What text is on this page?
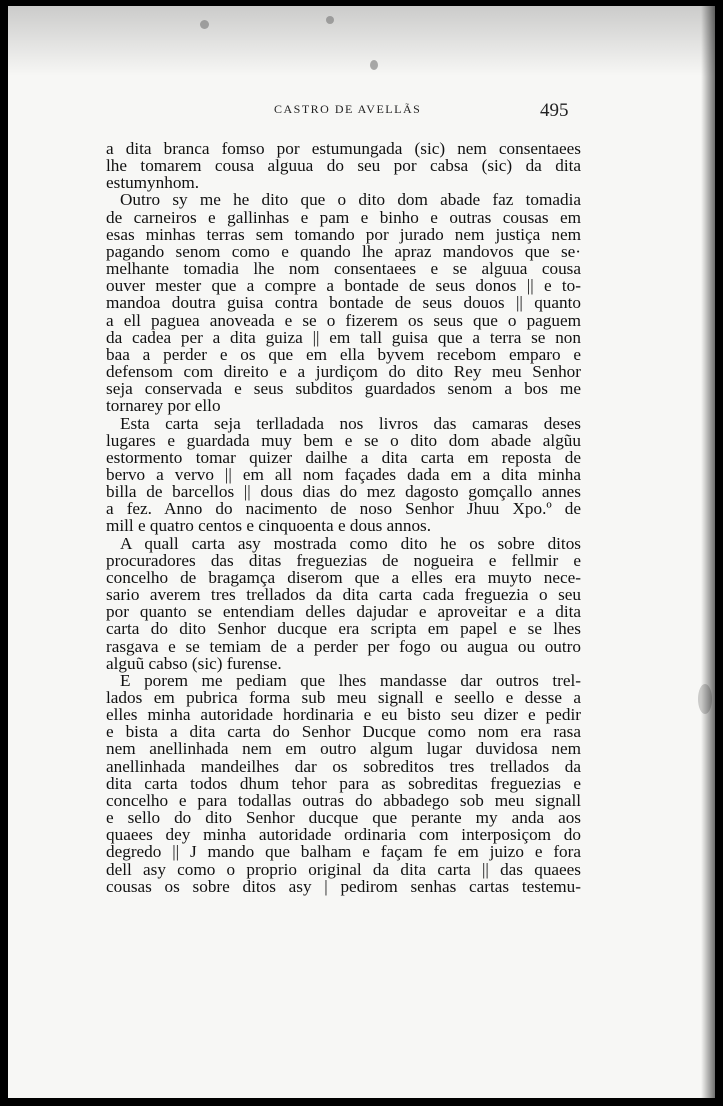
CASTRO DE AVELLÃS	495

a dita branca fomso por estumungada (sic) nem consentaees

lhe tomarem cousa alguua do seu por cabsa (sic) da dita

estumynhom.

Outro sy me he dito que o dito dom abade faz tomadia

de carneiros e gallinhas e pam e binho e outras cousas em

esas minhas terras sem tomando por jurado nem justiça nem

pagando senom como e quando lhe apraz mandovos que se·

melhante tomadia lhe nom consentaees e se alguua cousa

ouver mester que a compre a bontade de seus donos || e to-

mandoa doutra guisa contra bontade de seus douos || quanto

a ell paguea anoveada e se o fizerem os seus que o paguem

da cadea per a dita guiza || em tall guisa que a terra se non

baa a perder e os que em ella byvem recebom emparo e

defensom com direito e a jurdiçom do dito Rey meu Senhor

seja conservada e seus subditos guardados senom a bos me

tornarey por ello

Esta carta seja terlladada nos livros das camaras deses

lugares e guardada muy bem e se o dito dom abade algũu

estormento tomar quizer dailhe a dita carta em reposta de

bervo a vervo || em all nom façades dada em a dita minha

billa de barcellos || dous dias do mez dagosto gomçallo annes

a fez. Anno do nacimento de noso Senhor Jhuu Xpo.º de

mill e quatro centos e cinquoenta e dous annos.

A quall carta asy mostrada como dito he os sobre ditos

procuradores das ditas freguezias de nogueira e fellmir e

concelho de bragamça diserom que a elles era muyto nece-

sario averem tres trellados da dita carta cada freguezia o seu

por quanto se entendiam delles dajudar e aproveitar e a dita

carta do dito Senhor ducque era scripta em papel e se lhes

rasgava e se temiam de a perder per fogo ou augua ou outro

alguũ cabso (sic) furense.

E porem me pediam que lhes mandasse dar outros trel-

lados em pubrica forma sub meu signall e seello e desse a

elles minha autoridade hordinaria e eu bisto seu dizer e pedir

e bista a dita carta do Senhor Ducque como nom era rasa

nem anellinhada nem em outro algum lugar duvidosa nem

anellinhada mandeilhes dar os sobreditos tres trellados da

dita carta todos dhum tehor para as sobreditas freguezias e

concelho e para todallas outras do abbadego sob meu signall

e sello do dito Senhor ducque que perante my anda aos

quaees dey minha autoridade ordinaria com interposiçom do

degredo || J mando que balham e façam fe em juizo e fora

dell asy como o proprio original da dita carta || das quaees

cousas os sobre ditos asy | pedirom senhas cartas testemu-
